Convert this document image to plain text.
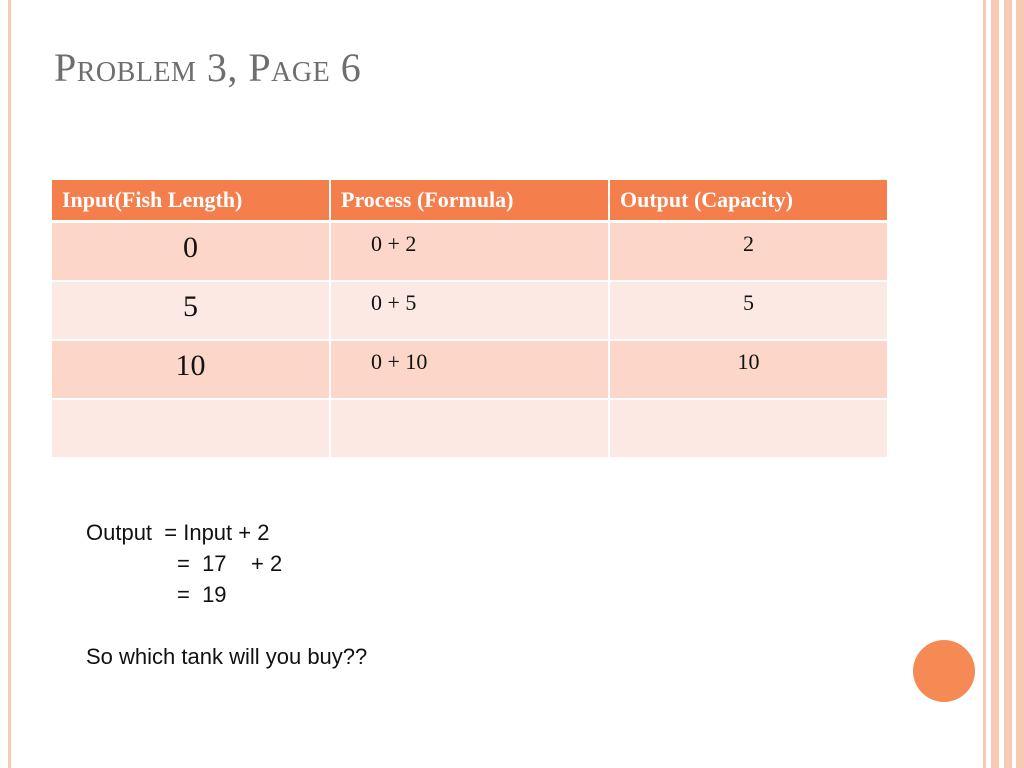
Problem 3, Page 6
Input(Fish Length)	Process (Formula)	Output (Capacity)
0	0 + 2	2
5	0 + 5	5
10	0 + 10	10

Output  = Input + 2
=  17    + 2
=  19
So which tank will you buy??
